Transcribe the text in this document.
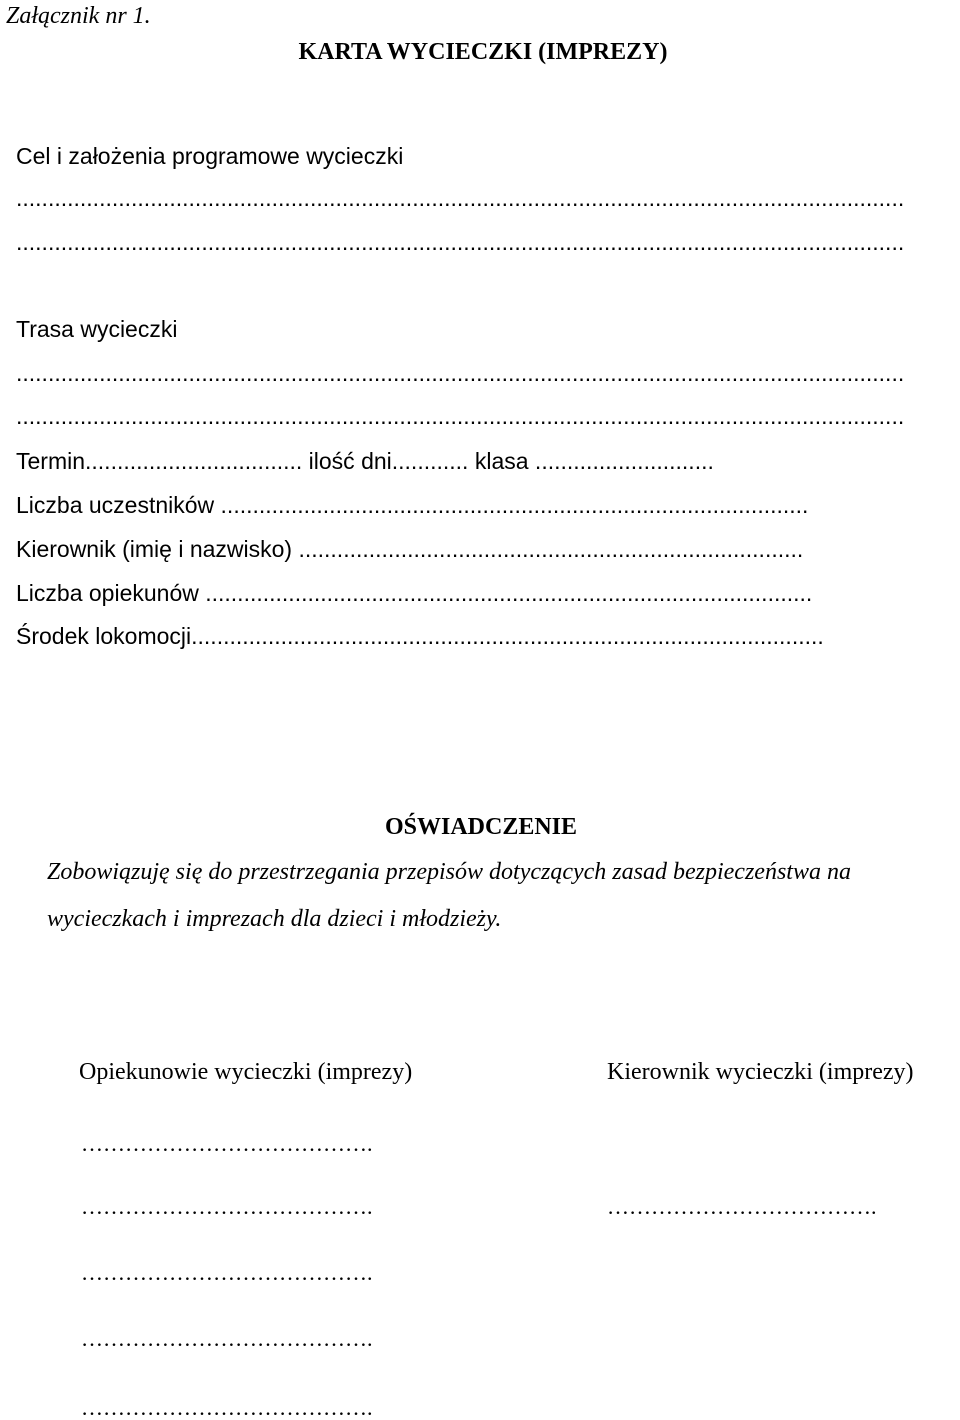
Załącznik nr 1.
KARTA WYCIECZKI (IMPREZY)
Cel i założenia programowe wycieczki
...........................................................................................................................................
...........................................................................................................................................
Trasa wycieczki
...........................................................................................................................................
...........................................................................................................................................
Termin.................................. ilość dni............ klasa ............................
Liczba uczestników ............................................................................................
Kierownik (imię i nazwisko) ...............................................................................
Liczba opiekunów ...............................................................................................
Środek lokomocji...................................................................................................
OŚWIADCZENIE
Zobowiązuję się do przestrzegania przepisów dotyczących zasad bezpieczeństwa na
wycieczkach i imprezach dla dzieci i młodzieży.
Opiekunowie wycieczki (imprezy)	Kierownik wycieczki (imprezy)
………………………………….
………………………………….
………………………………….
………………………………….
………………………………….
……………………………….
